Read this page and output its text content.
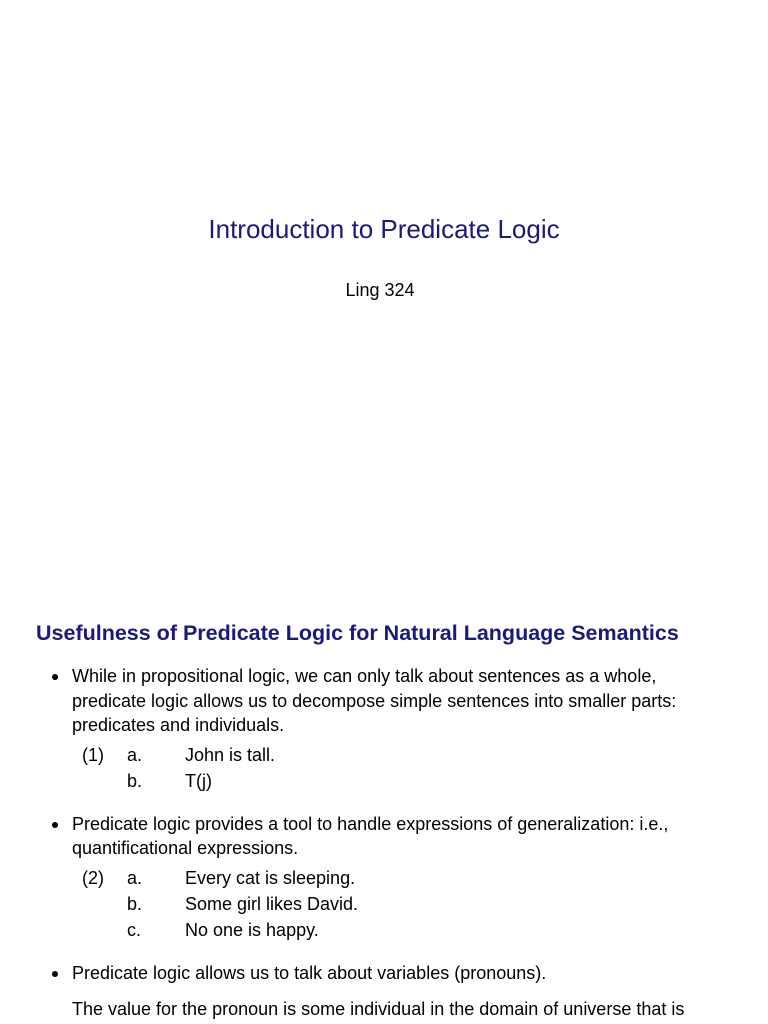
Introduction to Predicate Logic
Ling 324
Usefulness of Predicate Logic for Natural Language Semantics
While in propositional logic, we can only talk about sentences as a whole, predicate logic allows us to decompose simple sentences into smaller parts: predicates and individuals.
(1) a. John is tall.
b. T(j)
Predicate logic provides a tool to handle expressions of generalization: i.e., quantificational expressions.
(2) a. Every cat is sleeping.
b. Some girl likes David.
c. No one is happy.
Predicate logic allows us to talk about variables (pronouns).
The value for the pronoun is some individual in the domain of universe that is
